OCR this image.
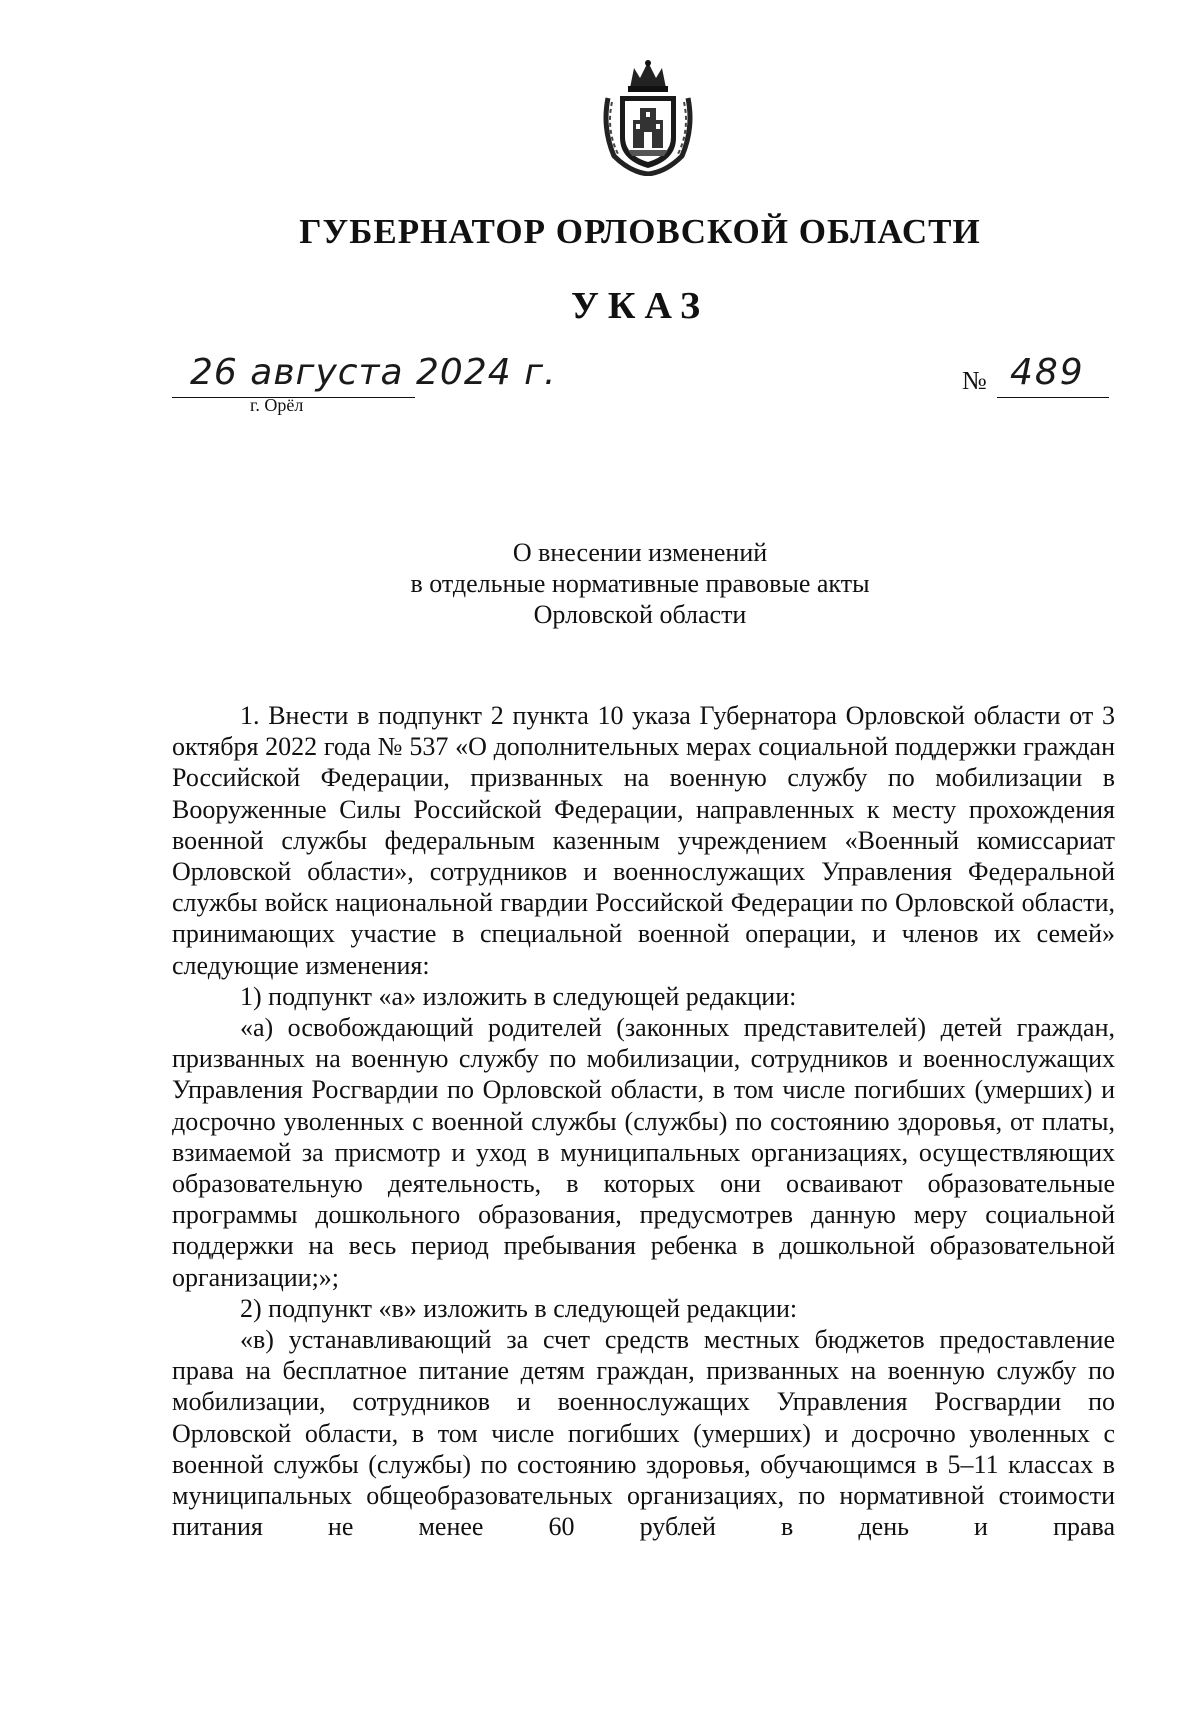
ГУБЕРНАТОР ОРЛОВСКОЙ ОБЛАСТИ
УКАЗ
26 августа 2024 г.
г. Орёл
№ 489
О внесении изменений
в отдельные нормативные правовые акты
Орловской области

1. Внести в подпункт 2 пункта 10 указа Губернатора Орловской области от 3 октября 2022 года № 537 «О дополнительных мерах социальной поддержки граждан Российской Федерации, призванных на военную службу по мобилизации в Вооруженные Силы Российской Федерации, направленных к месту прохождения военной службы федеральным казенным учреждением «Военный комиссариат Орловской области», сотрудников и военнослужащих Управления Федеральной службы войск национальной гвардии Российской Федерации по Орловской области, принимающих участие в специальной военной операции, и членов их семей» следующие изменения:

1) подпункт «а» изложить в следующей редакции:

«а) освобождающий родителей (законных представителей) детей граждан, призванных на военную службу по мобилизации, сотрудников и военнослужащих Управления Росгвардии по Орловской области, в том числе погибших (умерших) и досрочно уволенных с военной службы (службы) по состоянию здоровья, от платы, взимаемой за присмотр и уход в муниципальных организациях, осуществляющих образовательную деятельность, в которых они осваивают образовательные программы дошкольного образования, предусмотрев данную меру социальной поддержки на весь период пребывания ребенка в дошкольной образовательной организации;»;

2) подпункт «в» изложить в следующей редакции:

«в) устанавливающий за счет средств местных бюджетов предоставление права на бесплатное питание детям граждан, призванных на военную службу по мобилизации, сотрудников и военнослужащих Управления Росгвардии по Орловской области, в том числе погибших (умерших) и досрочно уволенных с военной службы (службы) по состоянию здоровья, обучающимся в 5–11 классах в муниципальных общеобразовательных организациях, по нормативной стоимости питания не менее 60 рублей в день и права
